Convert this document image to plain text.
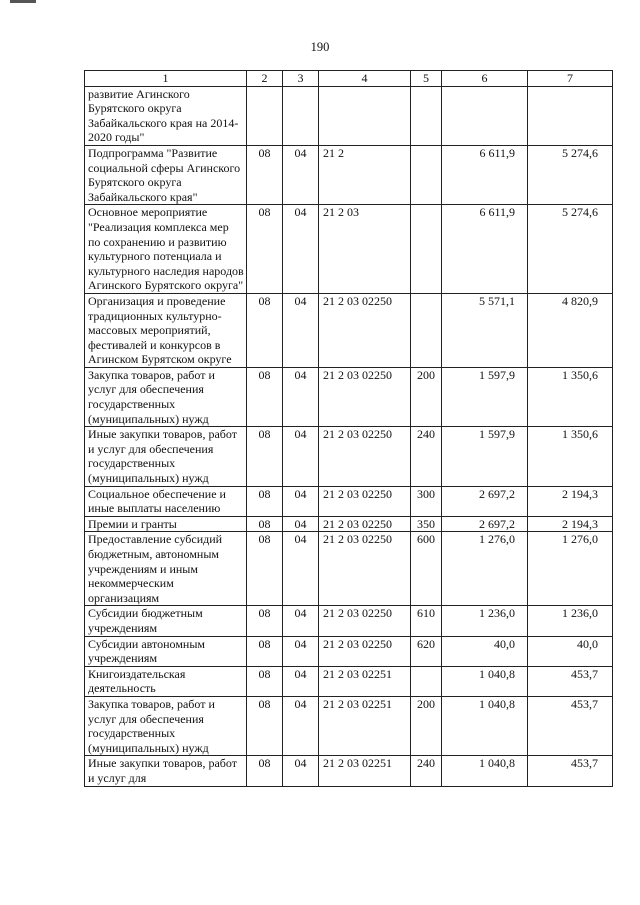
190
1	2	3	4	5	6	7
развитие Агинского Бурятского округа Забайкальского края на 2014-2020 годы"						
Подпрограмма "Развитие социальной сферы Агинского Бурятского округа Забайкальского края"	08	04	21 2		6 611,9	5 274,6
Основное мероприятие "Реализация комплекса мер по сохранению и развитию культурного потенциала и культурного наследия народов Агинского Бурятского округа"	08	04	21 2 03		6 611,9	5 274,6
Организация и проведение традиционных культурно-массовых мероприятий, фестивалей и конкурсов в Агинском Бурятском округе	08	04	21 2 03 02250		5 571,1	4 820,9
Закупка товаров, работ и услуг для обеспечения государственных (муниципальных) нужд	08	04	21 2 03 02250	200	1 597,9	1 350,6
Иные закупки товаров, работ и услуг для обеспечения государственных (муниципальных) нужд	08	04	21 2 03 02250	240	1 597,9	1 350,6
Социальное обеспечение и иные выплаты населению	08	04	21 2 03 02250	300	2 697,2	2 194,3
Премии и гранты	08	04	21 2 03 02250	350	2 697,2	2 194,3
Предоставление субсидий бюджетным, автономным учреждениям и иным некоммерческим организациям	08	04	21 2 03 02250	600	1 276,0	1 276,0
Субсидии бюджетным учреждениям	08	04	21 2 03 02250	610	1 236,0	1 236,0
Субсидии автономным учреждениям	08	04	21 2 03 02250	620	40,0	40,0
Книгоиздательская деятельность	08	04	21 2 03 02251		1 040,8	453,7
Закупка товаров, работ и услуг для обеспечения государственных (муниципальных) нужд	08	04	21 2 03 02251	200	1 040,8	453,7
Иные закупки товаров, работ и услуг для	08	04	21 2 03 02251	240	1 040,8	453,7
